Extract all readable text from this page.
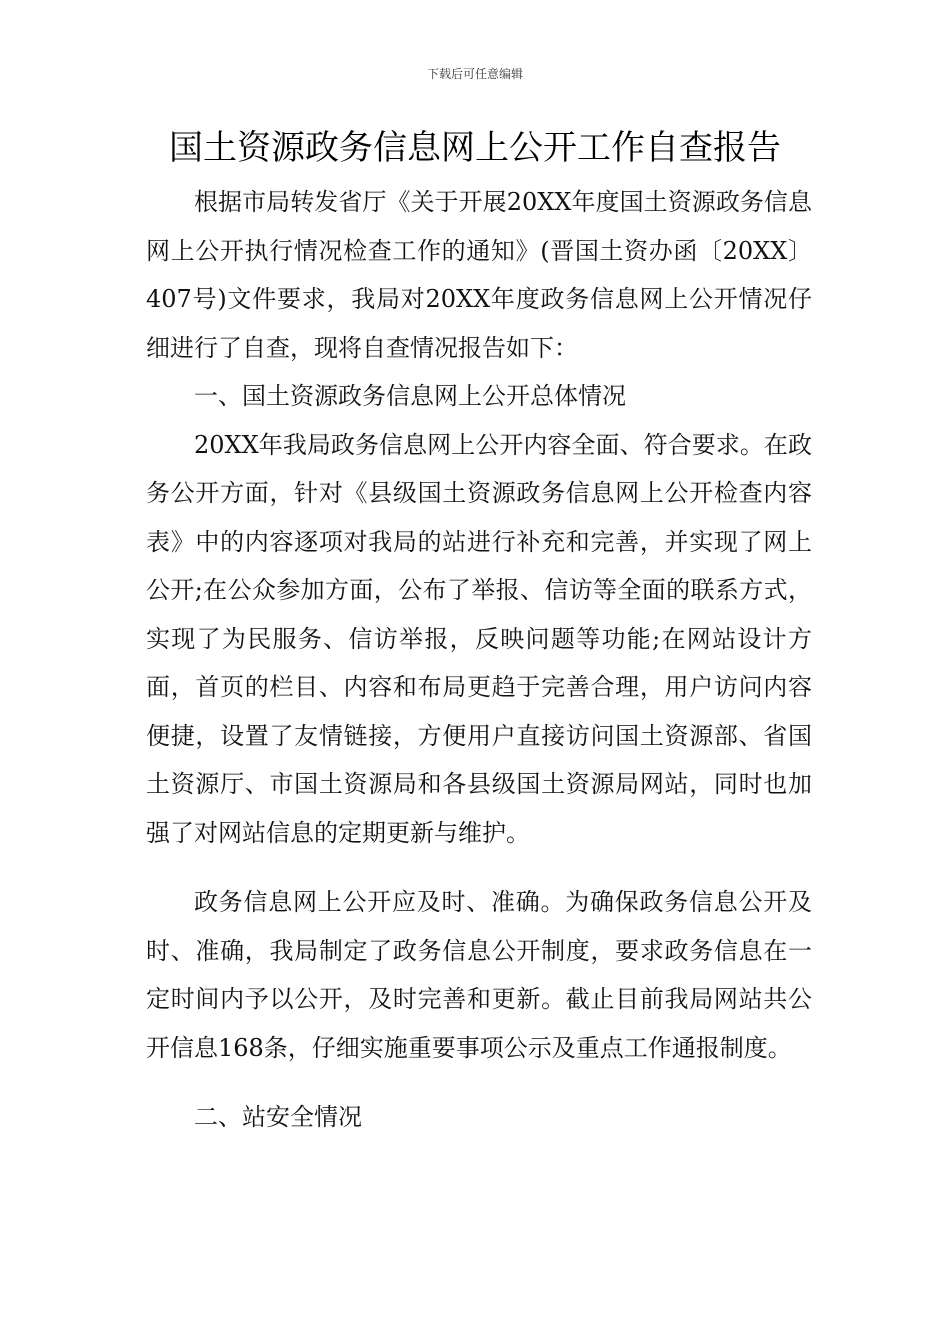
下载后可任意编辑
国土资源政务信息网上公开工作自查报告

根据市局转发省厅《关于开展20XX年度国土资源政务信息网上公开执行情况检查工作的通知》(晋国土资办函〔20XX〕407号)文件要求，我局对20XX年度政务信息网上公开情况仔细进行了自查，现将自查情况报告如下：

一、国土资源政务信息网上公开总体情况

20XX年我局政务信息网上公开内容全面、符合要求。在政务公开方面，针对《县级国土资源政务信息网上公开检查内容表》中的内容逐项对我局的站进行补充和完善，并实现了网上公开;在公众参加方面，公布了举报、信访等全面的联系方式，实现了为民服务、信访举报，反映问题等功能;在网站设计方面，首页的栏目、内容和布局更趋于完善合理，用户访问内容便捷，设置了友情链接，方便用户直接访问国土资源部、省国土资源厅、市国土资源局和各县级国土资源局网站，同时也加强了对网站信息的定期更新与维护。

政务信息网上公开应及时、准确。为确保政务信息公开及时、准确，我局制定了政务信息公开制度，要求政务信息在一定时间内予以公开，及时完善和更新。截止目前我局网站共公开信息168条，仔细实施重要事项公示及重点工作通报制度。

二、站安全情况
